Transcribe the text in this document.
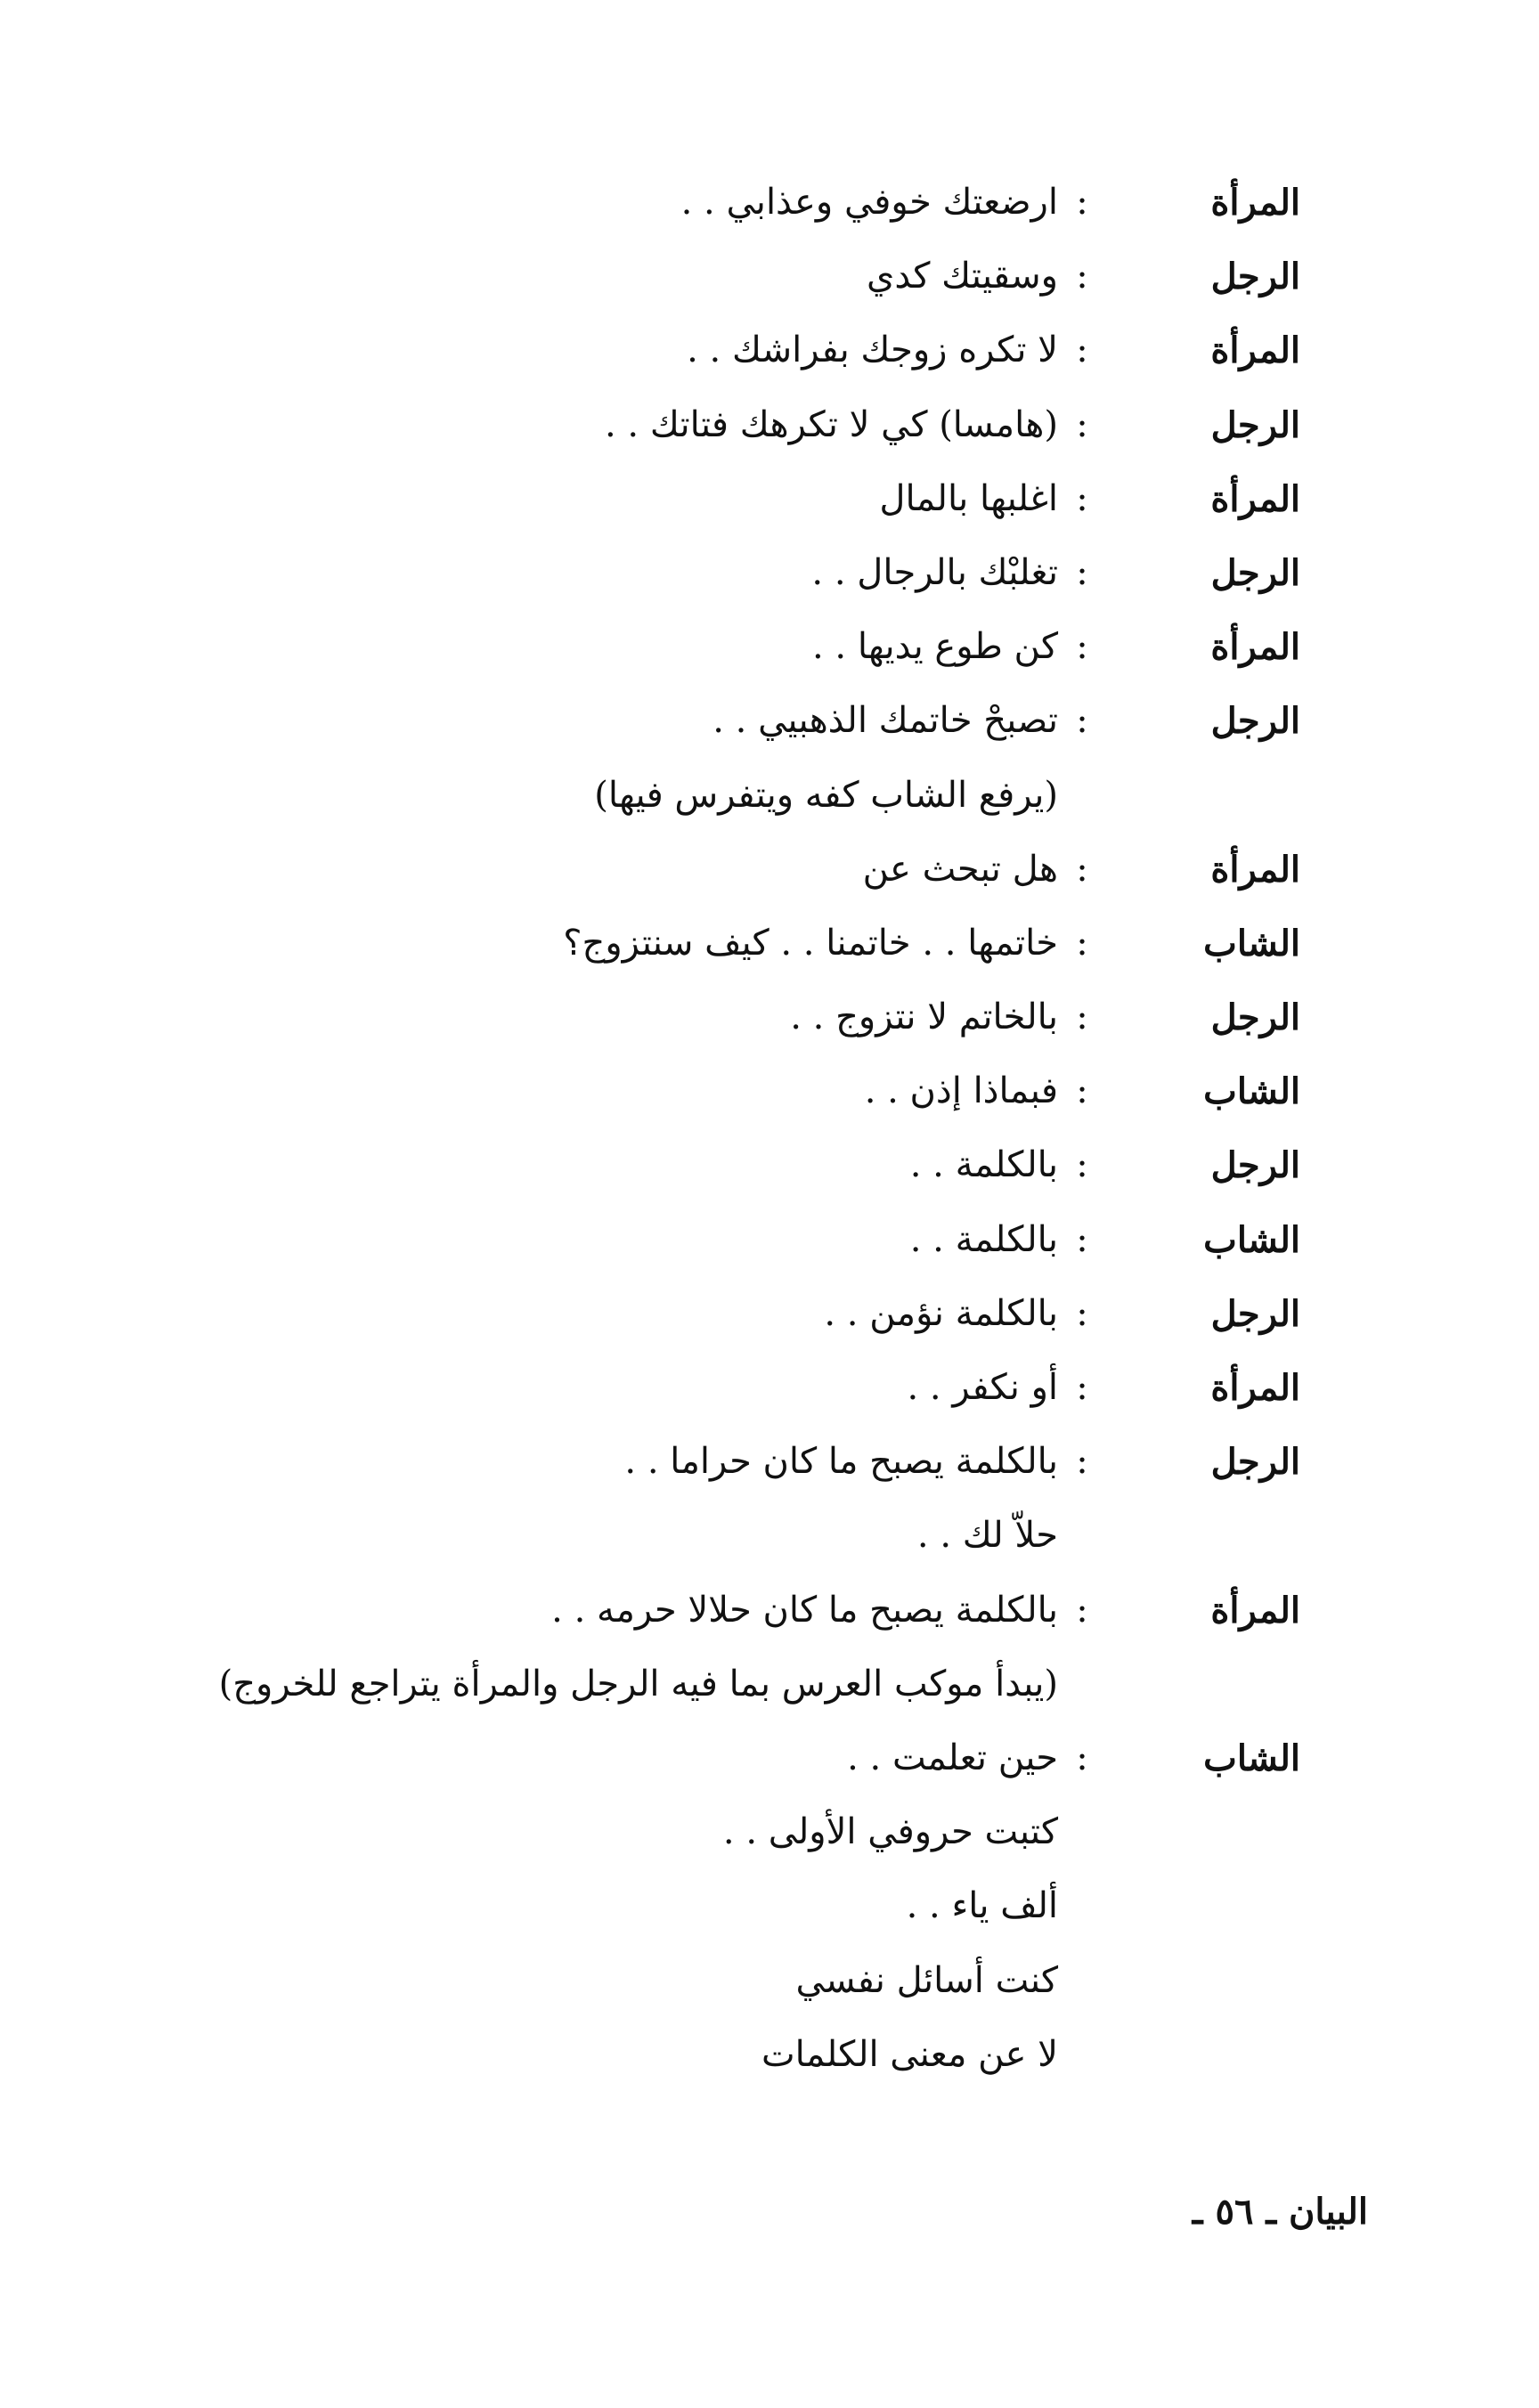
المرأة
:
ارضعتك خوفي وعذابي . .
الرجل
:
وسقيتك كدي
المرأة
:
لا تكره زوجك بفراشك . .
الرجل
:
(هامسا) كي لا تكرهك فتاتك . .
المرأة
:
اغلبها بالمال
الرجل
:
تغلبْك بالرجال . .
المرأة
:
كن طوع يديها . .
الرجل
:
تصبحْ خاتمك الذهبيي . .
(يرفع الشاب كفه ويتفرس فيها)
المرأة
:
هل تبحث عن
الشاب
:
خاتمها . . خاتمنا . . كيف سنتزوج؟
الرجل
:
بالخاتم لا نتزوج . .
الشاب
:
فبماذا إذن . .
الرجل
:
بالكلمة . .
الشاب
:
بالكلمة . .
الرجل
:
بالكلمة نؤمن . .
المرأة
:
أو نكفر . .
الرجل
:
بالكلمة يصبح ما كان حراما . .
حلاّ لك . .
المرأة
:
بالكلمة يصبح ما كان حلالا حرمه . .
(يبدأ موكب العرس بما فيه الرجل والمرأة يتراجع للخروج)
الشاب
:
حين تعلمت . .
كتبت حروفي الأولى . .
ألف ياء . .
كنت أسائل نفسي
لا عن معنى الكلمات
البيان ـ ٥٦ ـ
